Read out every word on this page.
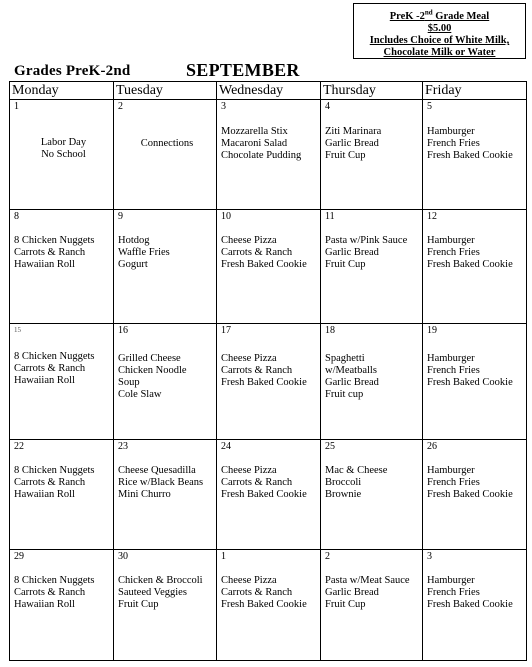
PreK -2nd Grade Meal
$5.00
Includes Choice of White Milk,
Chocolate Milk or Water
Grades PreK-2nd	SEPTEMBER
Monday	Tuesday	Wednesday	Thursday	Friday

1
Labor Day
No School	2
Connections	3
Mozzarella Stix
Macaroni Salad
Chocolate Pudding	4
Ziti Marinara
Garlic Bread
Fruit Cup	5
Hamburger
French Fries
Fresh Baked Cookie

8
8 Chicken Nuggets
Carrots & Ranch
Hawaiian Roll	9
Hotdog
Waffle Fries
Gogurt	10
Cheese Pizza
Carrots & Ranch
Fresh Baked Cookie	11
Pasta w/Pink Sauce
Garlic Bread
Fruit Cup	12
Hamburger
French Fries
Fresh Baked Cookie

15
8 Chicken Nuggets
Carrots & Ranch
Hawaiian Roll	16
Grilled Cheese
Chicken Noodle
Soup
Cole Slaw	17
Cheese Pizza
Carrots & Ranch
Fresh Baked Cookie	18
Spaghetti
w/Meatballs
Garlic Bread
Fruit cup	19
Hamburger
French Fries
Fresh Baked Cookie

22
8 Chicken Nuggets
Carrots & Ranch
Hawaiian Roll	23
Cheese Quesadilla
Rice w/Black Beans
Mini Churro	24
Cheese Pizza
Carrots & Ranch
Fresh Baked Cookie	25
Mac & Cheese
Broccoli
Brownie	26
Hamburger
French Fries
Fresh Baked Cookie

29
8 Chicken Nuggets
Carrots & Ranch
Hawaiian Roll	30
Chicken & Broccoli
Sauteed Veggies
Fruit Cup	1
Cheese Pizza
Carrots & Ranch
Fresh Baked Cookie	2
Pasta w/Meat Sauce
Garlic Bread
Fruit Cup	3
Hamburger
French Fries
Fresh Baked Cookie
